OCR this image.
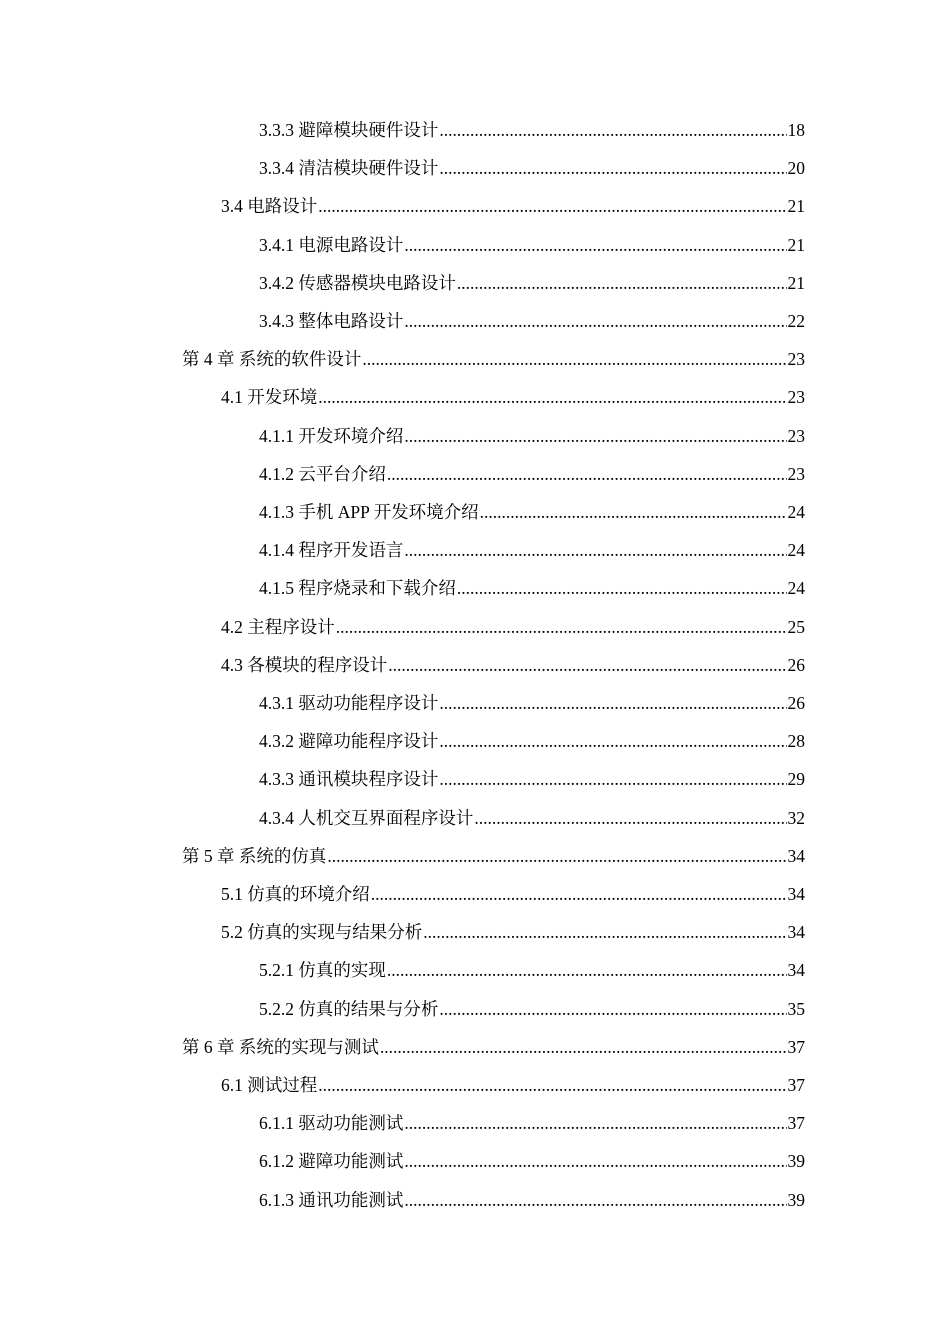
3.3.3 避障模块硬件设计 .....	18
3.3.4 清洁模块硬件设计 .....	20
3.4 电路设计 .....	21
3.4.1 电源电路设计 .....	21
3.4.2 传感器模块电路设计 .....	21
3.4.3 整体电路设计 .....	22
第 4 章 系统的软件设计 .....	23
4.1 开发环境 .....	23
4.1.1 开发环境介绍 .....	23
4.1.2 云平台介绍 .....	23
4.1.3 手机 APP 开发环境介绍 .....	24
4.1.4 程序开发语言 .....	24
4.1.5 程序烧录和下载介绍 .....	24
4.2 主程序设计 .....	25
4.3 各模块的程序设计 .....	26
4.3.1 驱动功能程序设计 .....	26
4.3.2 避障功能程序设计 .....	28
4.3.3 通讯模块程序设计 .....	29
4.3.4 人机交互界面程序设计 .....	32
第 5 章 系统的仿真 .....	34
5.1 仿真的环境介绍 .....	34
5.2 仿真的实现与结果分析 .....	34
5.2.1 仿真的实现 .....	34
5.2.2 仿真的结果与分析 .....	35
第 6 章 系统的实现与测试 .....	37
6.1 测试过程 .....	37
6.1.1 驱动功能测试 .....	37
6.1.2 避障功能测试 .....	39
6.1.3 通讯功能测试 .....	39
